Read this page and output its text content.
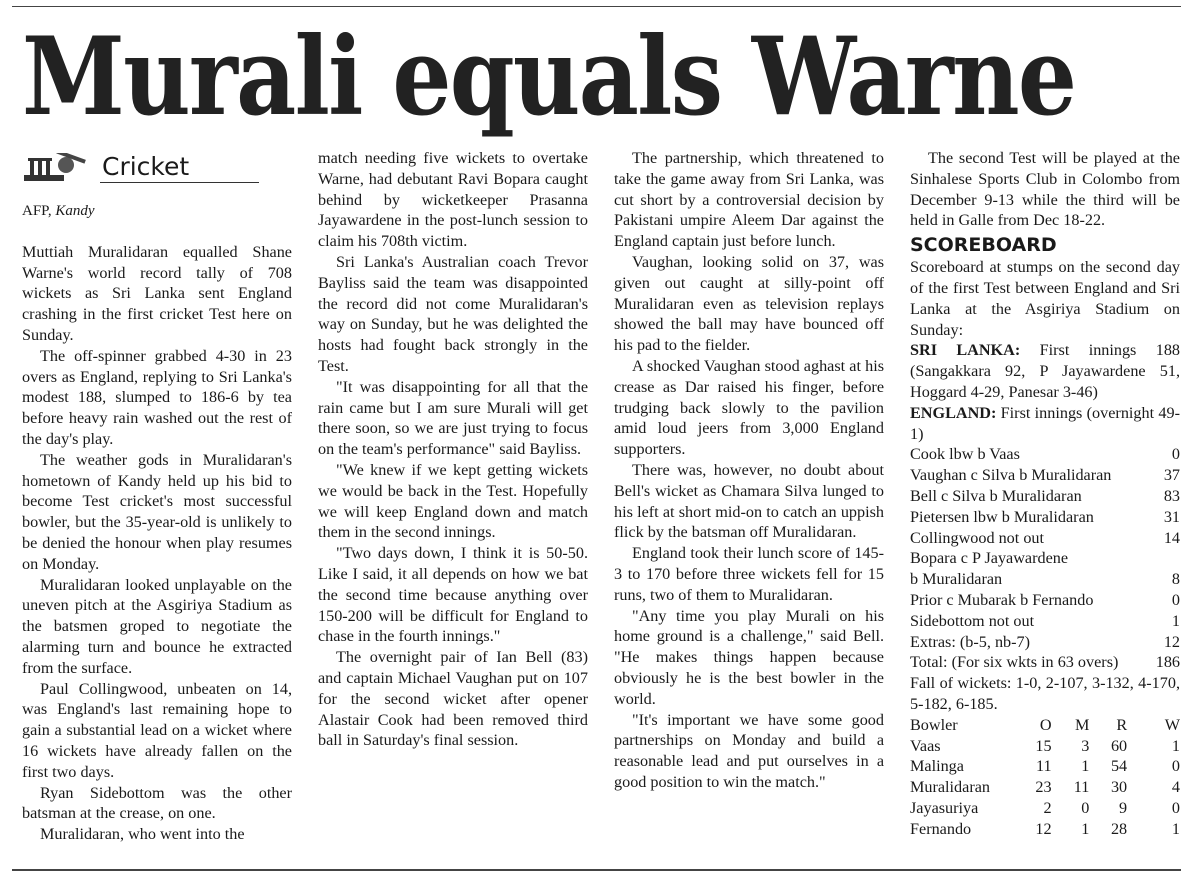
Murali equals Warne
Cricket
AFP, Kandy

Muttiah Muralidaran equalled Shane Warne's world record tally of 708 wickets as Sri Lanka sent England crashing in the first cricket Test here on Sunday.

The off-spinner grabbed 4-30 in 23 overs as England, replying to Sri Lanka's modest 188, slumped to 186-6 by tea before heavy rain washed out the rest of the day's play.

The weather gods in Muralidaran's hometown of Kandy held up his bid to become Test cricket's most successful bowler, but the 35-year-old is unlikely to be denied the honour when play resumes on Monday.

Muralidaran looked unplayable on the uneven pitch at the Asgiriya Stadium as the batsmen groped to negotiate the alarming turn and bounce he extracted from the surface.

Paul Collingwood, unbeaten on 14, was England's last remaining hope to gain a substantial lead on a wicket where 16 wickets have already fallen on the first two days.

Ryan Sidebottom was the other batsman at the crease, on one.

Muralidaran, who went into the

match needing five wickets to overtake Warne, had debutant Ravi Bopara caught behind by wicketkeeper Prasanna Jayawardene in the post-lunch session to claim his 708th victim.

Sri Lanka's Australian coach Trevor Bayliss said the team was disappointed the record did not come Muralidaran's way on Sunday, but he was delighted the hosts had fought back strongly in the Test.

"It was disappointing for all that the rain came but I am sure Murali will get there soon, so we are just trying to focus on the team's performance" said Bayliss.

"We knew if we kept getting wickets we would be back in the Test. Hopefully we will keep England down and match them in the second innings.

"Two days down, I think it is 50-50. Like I said, it all depends on how we bat the second time because anything over 150-200 will be difficult for England to chase in the fourth innings."

The overnight pair of Ian Bell (83) and captain Michael Vaughan put on 107 for the second wicket after opener Alastair Cook had been removed third ball in Saturday's final session.

The partnership, which threatened to take the game away from Sri Lanka, was cut short by a controversial decision by Pakistani umpire Aleem Dar against the England captain just before lunch.

Vaughan, looking solid on 37, was given out caught at silly-point off Muralidaran even as television replays showed the ball may have bounced off his pad to the fielder.

A shocked Vaughan stood aghast at his crease as Dar raised his finger, before trudging back slowly to the pavilion amid loud jeers from 3,000 England supporters.

There was, however, no doubt about Bell's wicket as Chamara Silva lunged to his left at short mid-on to catch an uppish flick by the batsman off Muralidaran.

England took their lunch score of 145-3 to 170 before three wickets fell for 15 runs, two of them to Muralidaran.

"Any time you play Murali on his home ground is a challenge," said Bell. "He makes things happen because obviously he is the best bowler in the world.

"It's important we have some good partnerships on Monday and build a reasonable lead and put ourselves in a good position to win the match."

The second Test will be played at the Sinhalese Sports Club in Colombo from December 9-13 while the third will be held in Galle from Dec 18-22.

SCOREBOARD

Scoreboard at stumps on the second day of the first Test between England and Sri Lanka at the Asgiriya Stadium on Sunday:

SRI LANKA: First innings 188 (Sangakkara 92, P Jayawardene 51, Hoggard 4-29, Panesar 3-46)

ENGLAND: First innings (overnight 49-1)

Cook lbw b Vaas	0
Vaughan c Silva b Muralidaran	37
Bell c Silva b Muralidaran	83
Pietersen lbw b Muralidaran	31
Collingwood not out	14
Bopara c P Jayawardene
b Muralidaran	8
Prior c Mubarak b Fernando	0
Sidebottom not out	1
Extras: (b-5, nb-7)	12
Total: (For six wkts in 63 overs) 186

Fall of wickets: 1-0, 2-107, 3-132, 4-170, 5-182, 6-185.

Bowler	O	M	R	W
Vaas	15	3	60	1
Malinga	11	1	54	0
Muralidaran	23	11	30	4
Jayasuriya	2	0	9	0
Fernando	12	1	28	1
